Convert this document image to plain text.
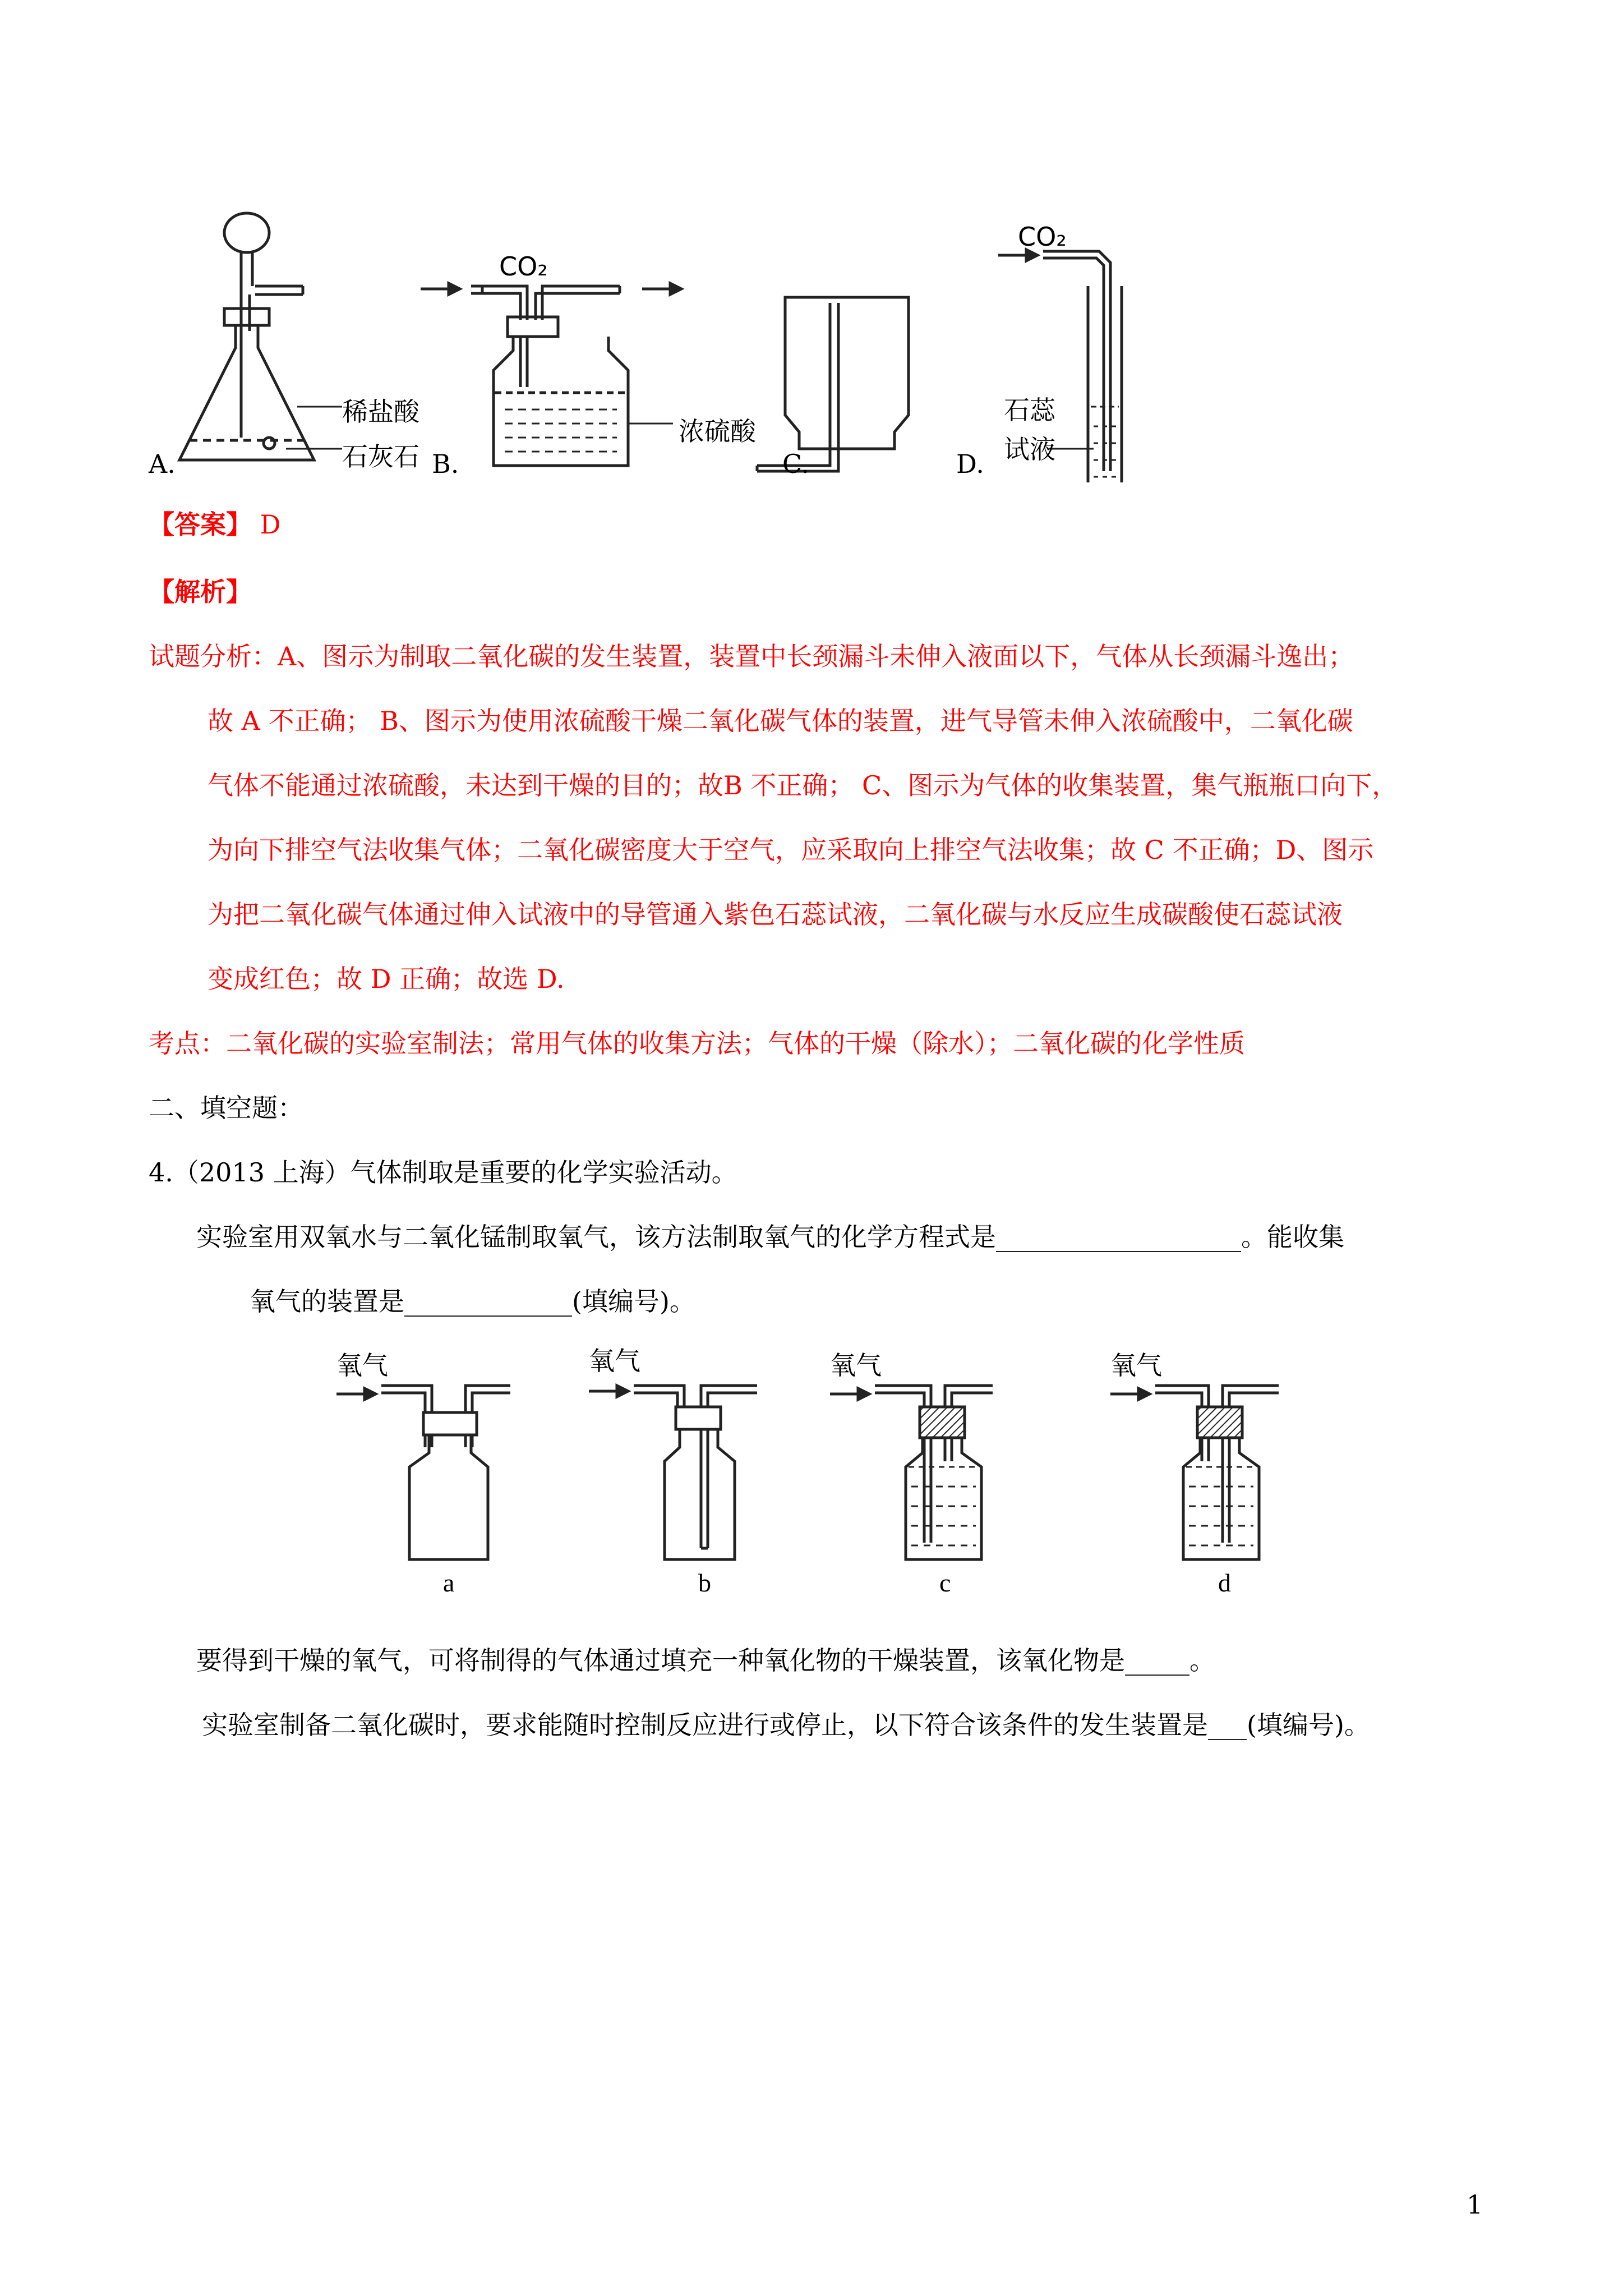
稀盐酸
石灰石
CO₂
浓硫酸
CO₂
石蕊
试液
A.	B.	C.	D.
【答案】 D
【解析】
试题分析：A、图示为制取二氧化碳的发生装置，装置中长颈漏斗未伸入液面以下，气体从长颈漏斗逸出；
故 A 不正确； B、图示为使用浓硫酸干燥二氧化碳气体的装置，进气导管未伸入浓硫酸中，二氧化碳
气体不能通过浓硫酸，未达到干燥的目的；故B 不正确； C、图示为气体的收集装置，集气瓶瓶口向下，
为向下排空气法收集气体；二氧化碳密度大于空气，应采取向上排空气法收集；故 C 不正确；D、图示
为把二氧化碳气体通过伸入试液中的导管通入紫色石蕊试液，二氧化碳与水反应生成碳酸使石蕊试液
变成红色；故 D 正确；故选 D.
考点：二氧化碳的实验室制法；常用气体的收集方法；气体的干燥（除水）；二氧化碳的化学性质
二、填空题：
4.（2013 上海）气体制取是重要的化学实验活动。
实验室用双氧水与二氧化锰制取氧气，该方法制取氧气的化学方程式是___________________。能收集
氧气的装置是_____________(填编号)。
氧气	氧气	氧气	氧气
a	b	c	d
要得到干燥的氧气，可将制得的气体通过填充一种氧化物的干燥装置，该氧化物是_____。
实验室制备二氧化碳时，要求能随时控制反应进行或停止，以下符合该条件的发生装置是___(填编号)。
1
